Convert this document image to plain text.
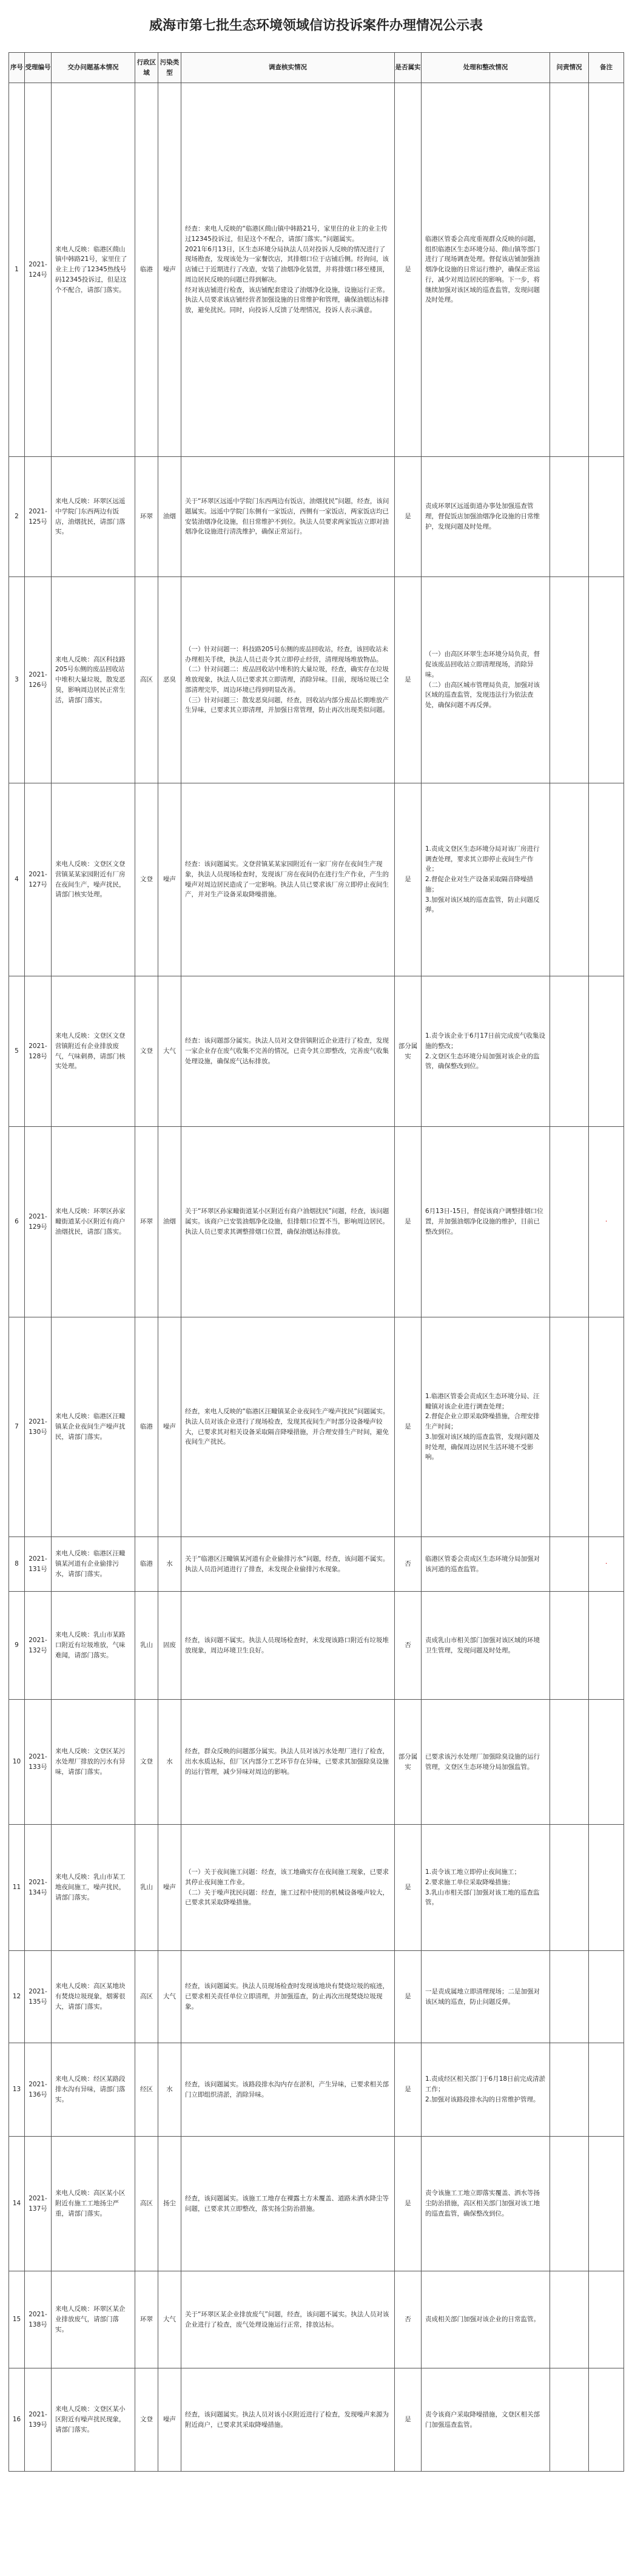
威海市第七批生态环境领域信访投诉案件办理情况公示表
序号	受理编号	交办问题基本情况	行政区域	污染类型	调查核实情况	是否属实	处理和整改情况	问责情况	备注
1	2021-124号	来电人反映：临港区蔄山镇中韩路21号，家里住了业主上传了12345热线号码12345投诉过，但是这个不配合，请部门落实。	临港	噪声	经查：来电人反映的“临港区蔄山镇中韩路21号，家里住的业主的业主传过12345投诉过，但是这个不配合，请部门落实。”问题属实。
2021年6月13日，区生态环境分局执法人员对投诉人反映的情况进行了现场勘查，发现该处为一家餐饮店，其排烟口位于店铺后侧。经询问，该店铺已于近期进行了改造，安装了油烟净化装置，并将排烟口移至楼顶，周边居民反映的问题已得到解决。
经对该店铺进行检查，该店铺配套建设了油烟净化设施，设施运行正常。执法人员要求该店铺经营者加强设施的日常维护和管理，确保油烟达标排放，避免扰民。同时，向投诉人反馈了处理情况，投诉人表示满意。	是	临港区管委会高度重视群众反映的问题，组织临港区生态环境分局、蔄山镇等部门进行了现场调查处理。督促该店铺加强油烟净化设施的日常运行维护，确保正常运行，减少对周边居民的影响。下一步，将继续加强对该区域的巡查监管，发现问题及时处理。		
2	2021-125号	来电人反映：环翠区远遥中学院门东西两边有饭店，油烟扰民，请部门落实。	环翠	油烟	关于“环翠区远遥中学院门东西两边有饭店，油烟扰民”问题，经查，该问题属实。远遥中学院门东侧有一家饭店，西侧有一家饭店，两家饭店均已安装油烟净化设施，但日常维护不到位。执法人员要求两家饭店立即对油烟净化设施进行清洗维护，确保正常运行。	是	责成环翠区远遥街道办事处加强巡查管理，督促饭店加强油烟净化设施的日常维护，发现问题及时处理。		
3	2021-126号	来电人反映：高区科技路205号东侧的废品回收站中堆积大量垃圾，散发恶臭，影响周边居民正常生活，请部门落实。	高区	恶臭	（一）针对问题一：科技路205号东侧的废品回收站，经查，该回收站未办理相关手续，执法人员已责令其立即停止经营，清理现场堆放物品。
（二）针对问题二：废品回收站中堆积的大量垃圾，经查，确实存在垃圾堆放现象，执法人员已要求其立即清理，消除异味。目前，现场垃圾已全部清理完毕，周边环境已得到明显改善。
（三）针对问题三：散发恶臭问题，经查，回收站内部分废品长期堆放产生异味，已要求其立即清理，并加强日常管理，防止再次出现类似问题。	是	（一）由高区环翠生态环境分局负责，督促该废品回收站立即清理现场，消除异味。
（二）由高区城市管理局负责，加强对该区域的巡查监管，发现违法行为依法查处，确保问题不再反弹。		
4	2021-127号	来电人反映：文登区文登营镇某某家园附近有厂房在夜间生产，噪声扰民，请部门核实处理。	文登	噪声	经查：该问题属实。文登营镇某某家园附近有一家厂房存在夜间生产现象，执法人员现场检查时，发现该厂房在夜间仍在进行生产作业，产生的噪声对周边居民造成了一定影响。执法人员已要求该厂房立即停止夜间生产，并对生产设备采取降噪措施。	是	1.责成文登区生态环境分局对该厂房进行调查处理，要求其立即停止夜间生产作业；
2.督促企业对生产设备采取隔音降噪措施；
3.加强对该区域的巡查监管，防止问题反弹。		
5	2021-128号	来电人反映：文登区文登营镇附近有企业排放废气，气味刺鼻，请部门核实处理。	文登	大气	经查：该问题部分属实。执法人员对文登营镇附近企业进行了检查，发现一家企业存在废气收集不完善的情况，已责令其立即整改，完善废气收集处理设施，确保废气达标排放。	部分属实	1.责令该企业于6月17日前完成废气收集设施的整改；
2.文登区生态环境分局加强对该企业的监管，确保整改到位。		
6	2021-129号	来电人反映：环翠区孙家疃街道某小区附近有商户油烟扰民，请部门落实。	环翠	油烟	关于“环翠区孙家疃街道某小区附近有商户油烟扰民”问题，经查，该问题属实。该商户已安装油烟净化设施，但排烟口位置不当，影响周边居民。执法人员已要求其调整排烟口位置，确保油烟达标排放。	是	6月13日-15日，督促该商户调整排烟口位置，并加强油烟净化设施的维护，目前已整改到位。		·
7	2021-130号	来电人反映：临港区汪疃镇某企业夜间生产噪声扰民，请部门落实。	临港	噪声	经查，来电人反映的“临港区汪疃镇某企业夜间生产噪声扰民”问题属实。执法人员对该企业进行了现场检查，发现其夜间生产时部分设备噪声较大，已要求其对相关设备采取隔音降噪措施，并合理安排生产时间，避免夜间生产扰民。	是	1.临港区管委会责成区生态环境分局、汪疃镇对该企业进行调查处理；
2.督促企业立即采取降噪措施，合理安排生产时间；
3.加强对该区域的巡查监管，发现问题及时处理，确保周边居民生活环境不受影响。		
8	2021-131号	来电人反映：临港区汪疃镇某河道有企业偷排污水，请部门落实。	临港	水	关于“临港区汪疃镇某河道有企业偷排污水”问题，经查，该问题不属实。执法人员沿河道进行了排查，未发现企业偷排污水现象。	否	临港区管委会责成区生态环境分局加强对该河道的巡查监管。		·
9	2021-132号	来电人反映：乳山市某路口附近有垃圾堆放，气味难闻，请部门落实。	乳山	固废	经查，该问题不属实。执法人员现场检查时，未发现该路口附近有垃圾堆放现象，周边环境卫生良好。	否	责成乳山市相关部门加强对该区域的环境卫生管理，发现问题及时处理。		
10	2021-133号	来电人反映：文登区某污水处理厂排放的污水有异味，请部门落实。	文登	水	经查，群众反映的问题部分属实。执法人员对该污水处理厂进行了检查，出水水质达标，但厂区内部分工艺环节存在异味，已要求其加强除臭设施的运行管理，减少异味对周边的影响。	部分属实	已要求该污水处理厂加强除臭设施的运行管理，文登区生态环境分局加强监管。		
11	2021-134号	来电人反映：乳山市某工地夜间施工，噪声扰民，请部门落实。	乳山	噪声	（一）关于夜间施工问题：经查，该工地确实存在夜间施工现象，已要求其停止夜间施工作业。
（二）关于噪声扰民问题：经查，施工过程中使用的机械设备噪声较大，已要求其采取降噪措施。	是	1.责令该工地立即停止夜间施工；
2.要求施工单位采取降噪措施；
3.乳山市相关部门加强对该工地的巡查监管。		
12	2021-135号	来电人反映：高区某地块有焚烧垃圾现象，烟雾很大，请部门落实。	高区	大气	经查，该问题属实。执法人员现场检查时发现该地块有焚烧垃圾的痕迹，已要求相关责任单位立即清理，并加强巡查，防止再次出现焚烧垃圾现象。	是	一是责成属地立即清理现场；二是加强对该区域的巡查，防止问题反弹。		
13	2021-136号	来电人反映：经区某路段排水沟有异味，请部门落实。	经区	水	经查，该问题属实。该路段排水沟内存在淤积，产生异味，已要求相关部门立即组织清淤，消除异味。	是	1.责成经区相关部门于6月18日前完成清淤工作；
2.加强对该路段排水沟的日常维护管理。		
14	2021-137号	来电人反映：高区某小区附近有施工工地扬尘严重，请部门落实。	高区	扬尘	经查，该问题属实。该施工工地存在裸露土方未覆盖、道路未洒水降尘等问题，已要求其立即整改，落实扬尘防治措施。	是	责令该施工工地立即落实覆盖、洒水等扬尘防治措施，高区相关部门加强对该工地的巡查监管，确保整改到位。		
15	2021-138号	来电人反映：环翠区某企业排放废气，请部门落实。	环翠	大气	关于“环翠区某企业排放废气”问题，经查，该问题不属实。执法人员对该企业进行了检查，废气处理设施运行正常，排放达标。	否	责成相关部门加强对该企业的日常监管。		
16	2021-139号	来电人反映：文登区某小区附近有噪声扰民现象，请部门落实。	文登	噪声	经查，该问题属实。执法人员对该小区附近进行了检查，发现噪声来源为附近商户，已要求其采取降噪措施。	是	责令该商户采取降噪措施，文登区相关部门加强巡查监管。		
